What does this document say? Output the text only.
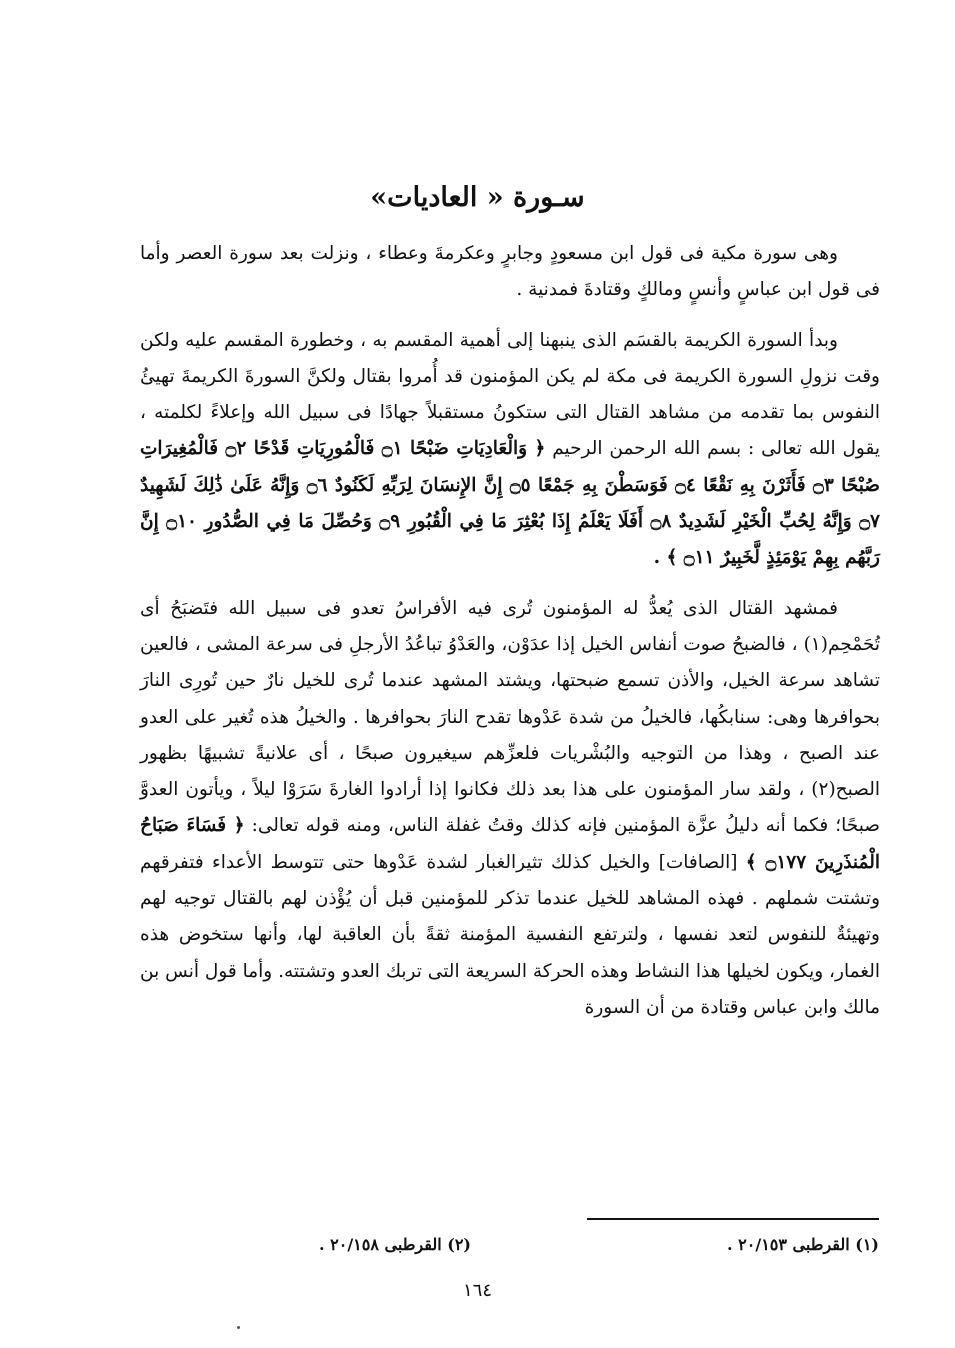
سـورة « العاديات»

وهى سورة مكية فى قول ابن مسعودٍ وجابرٍ وعكرمةَ وعطاء ، ونزلت بعد سورة العصر وأما فى قول ابن عباسٍ وأنسٍ ومالكٍ وقتادةَ فمدنية .

وبدأ السورة الكريمة بالقسَم الذى ينبهنا إلى أهمية المقسم به ، وخطورة المقسم عليه ولكن وقت نزولِ السورة الكريمة فى مكة لم يكن المؤمنون قد أُمروا بقتال ولكنَّ السورةَ الكريمةَ تهيئُ النفوس بما تقدمه من مشاهد القتال التى ستكونُ مستقبلاً جهادًا فى سبيل الله وإعلاءً لكلمته ، يقول الله تعالى : بسم الله الرحمن الرحيم ﴿ وَالْعَادِيَاتِ ضَبْحًا ۝١ فَالْمُورِيَاتِ قَدْحًا ۝٢ فَالْمُغِيرَاتِ صُبْحًا ۝٣ فَأَثَرْنَ بِهِ نَقْعًا ۝٤ فَوَسَطْنَ بِهِ جَمْعًا ۝٥ إِنَّ الإِنسَانَ لِرَبِّهِ لَكَنُودٌ ۝٦ وَإِنَّهُ عَلَىٰ ذَٰلِكَ لَشَهِيدٌ ۝٧ وَإِنَّهُ لِحُبِّ الْخَيْرِ لَشَدِيدٌ ۝٨ أَفَلَا يَعْلَمُ إِذَا بُعْثِرَ مَا فِي الْقُبُورِ ۝٩ وَحُصِّلَ مَا فِي الصُّدُورِ ۝١٠ إِنَّ رَبَّهُم بِهِمْ يَوْمَئِذٍ لَّخَبِيرٌ ۝١١ ﴾ .

فمشهد القتال الذى يُعدُّ له المؤمنون تُرى فيه الأفراسُ تعدو فى سبيل الله فتَضبَحُ أى تُحَمْحِم(١) ، فالضبحُ صوت أنفاس الخيل إذا عدَوْن، والعَدْوُ تباعُدُ الأرجلِ فى سرعة المشى ، فالعين تشاهد سرعة الخيل، والأذن تسمع ضبحتها، ويشتد المشهد عندما تُرى للخيل نارٌ حين تُورِى النارَ بحوافرها وهى: سنابكُها، فالخيلُ من شدة عَدْوها تقدح النارَ بحوافرها . والخيلُ هذه تُغير على العدو عند الصبح ، وهذا من التوجيه والبُشْريات فلعزِّهم سيغيرون صبحًا ، أى علانيةً تشبيهًا بظهور الصبح(٢) ، ولقد سار المؤمنون على هذا بعد ذلك فكانوا إذا أرادوا الغارةَ سَرَوْا ليلاً ، ويأتون العدوَّ صبحًا؛ فكما أنه دليلُ عزَّة المؤمنين فإنه كذلك وقتُ غفلة الناس، ومنه قوله تعالى: ﴿ فَسَاءَ صَبَاحُ الْمُنذَرِينَ ۝١٧٧ ﴾ [الصافات] والخيل كذلك تثيرالغبار لشدة عَدْوها حتى تتوسط الأعداء فتفرقهم وتشتت شملهم . فهذه المشاهد للخيل عندما تذكر للمؤمنين قبل أن يُؤْذن لهم بالقتال توجيه لهم وتهيئةٌ للنفوس لتعد نفسها ، ولترتفع النفسية المؤمنة ثقةً بأن العاقبة لها، وأنها ستخوض هذه الغمار، ويكون لخيلها هذا النشاط وهذه الحركة السريعة التى تربك العدو وتشتته. وأما قول أنس بن مالك وابن عباس وقتادة من أن السورة

(١) القرطبى ٢٠/١٥٣ .
(٢) القرطبى ٢٠/١٥٨ .
١٦٤
